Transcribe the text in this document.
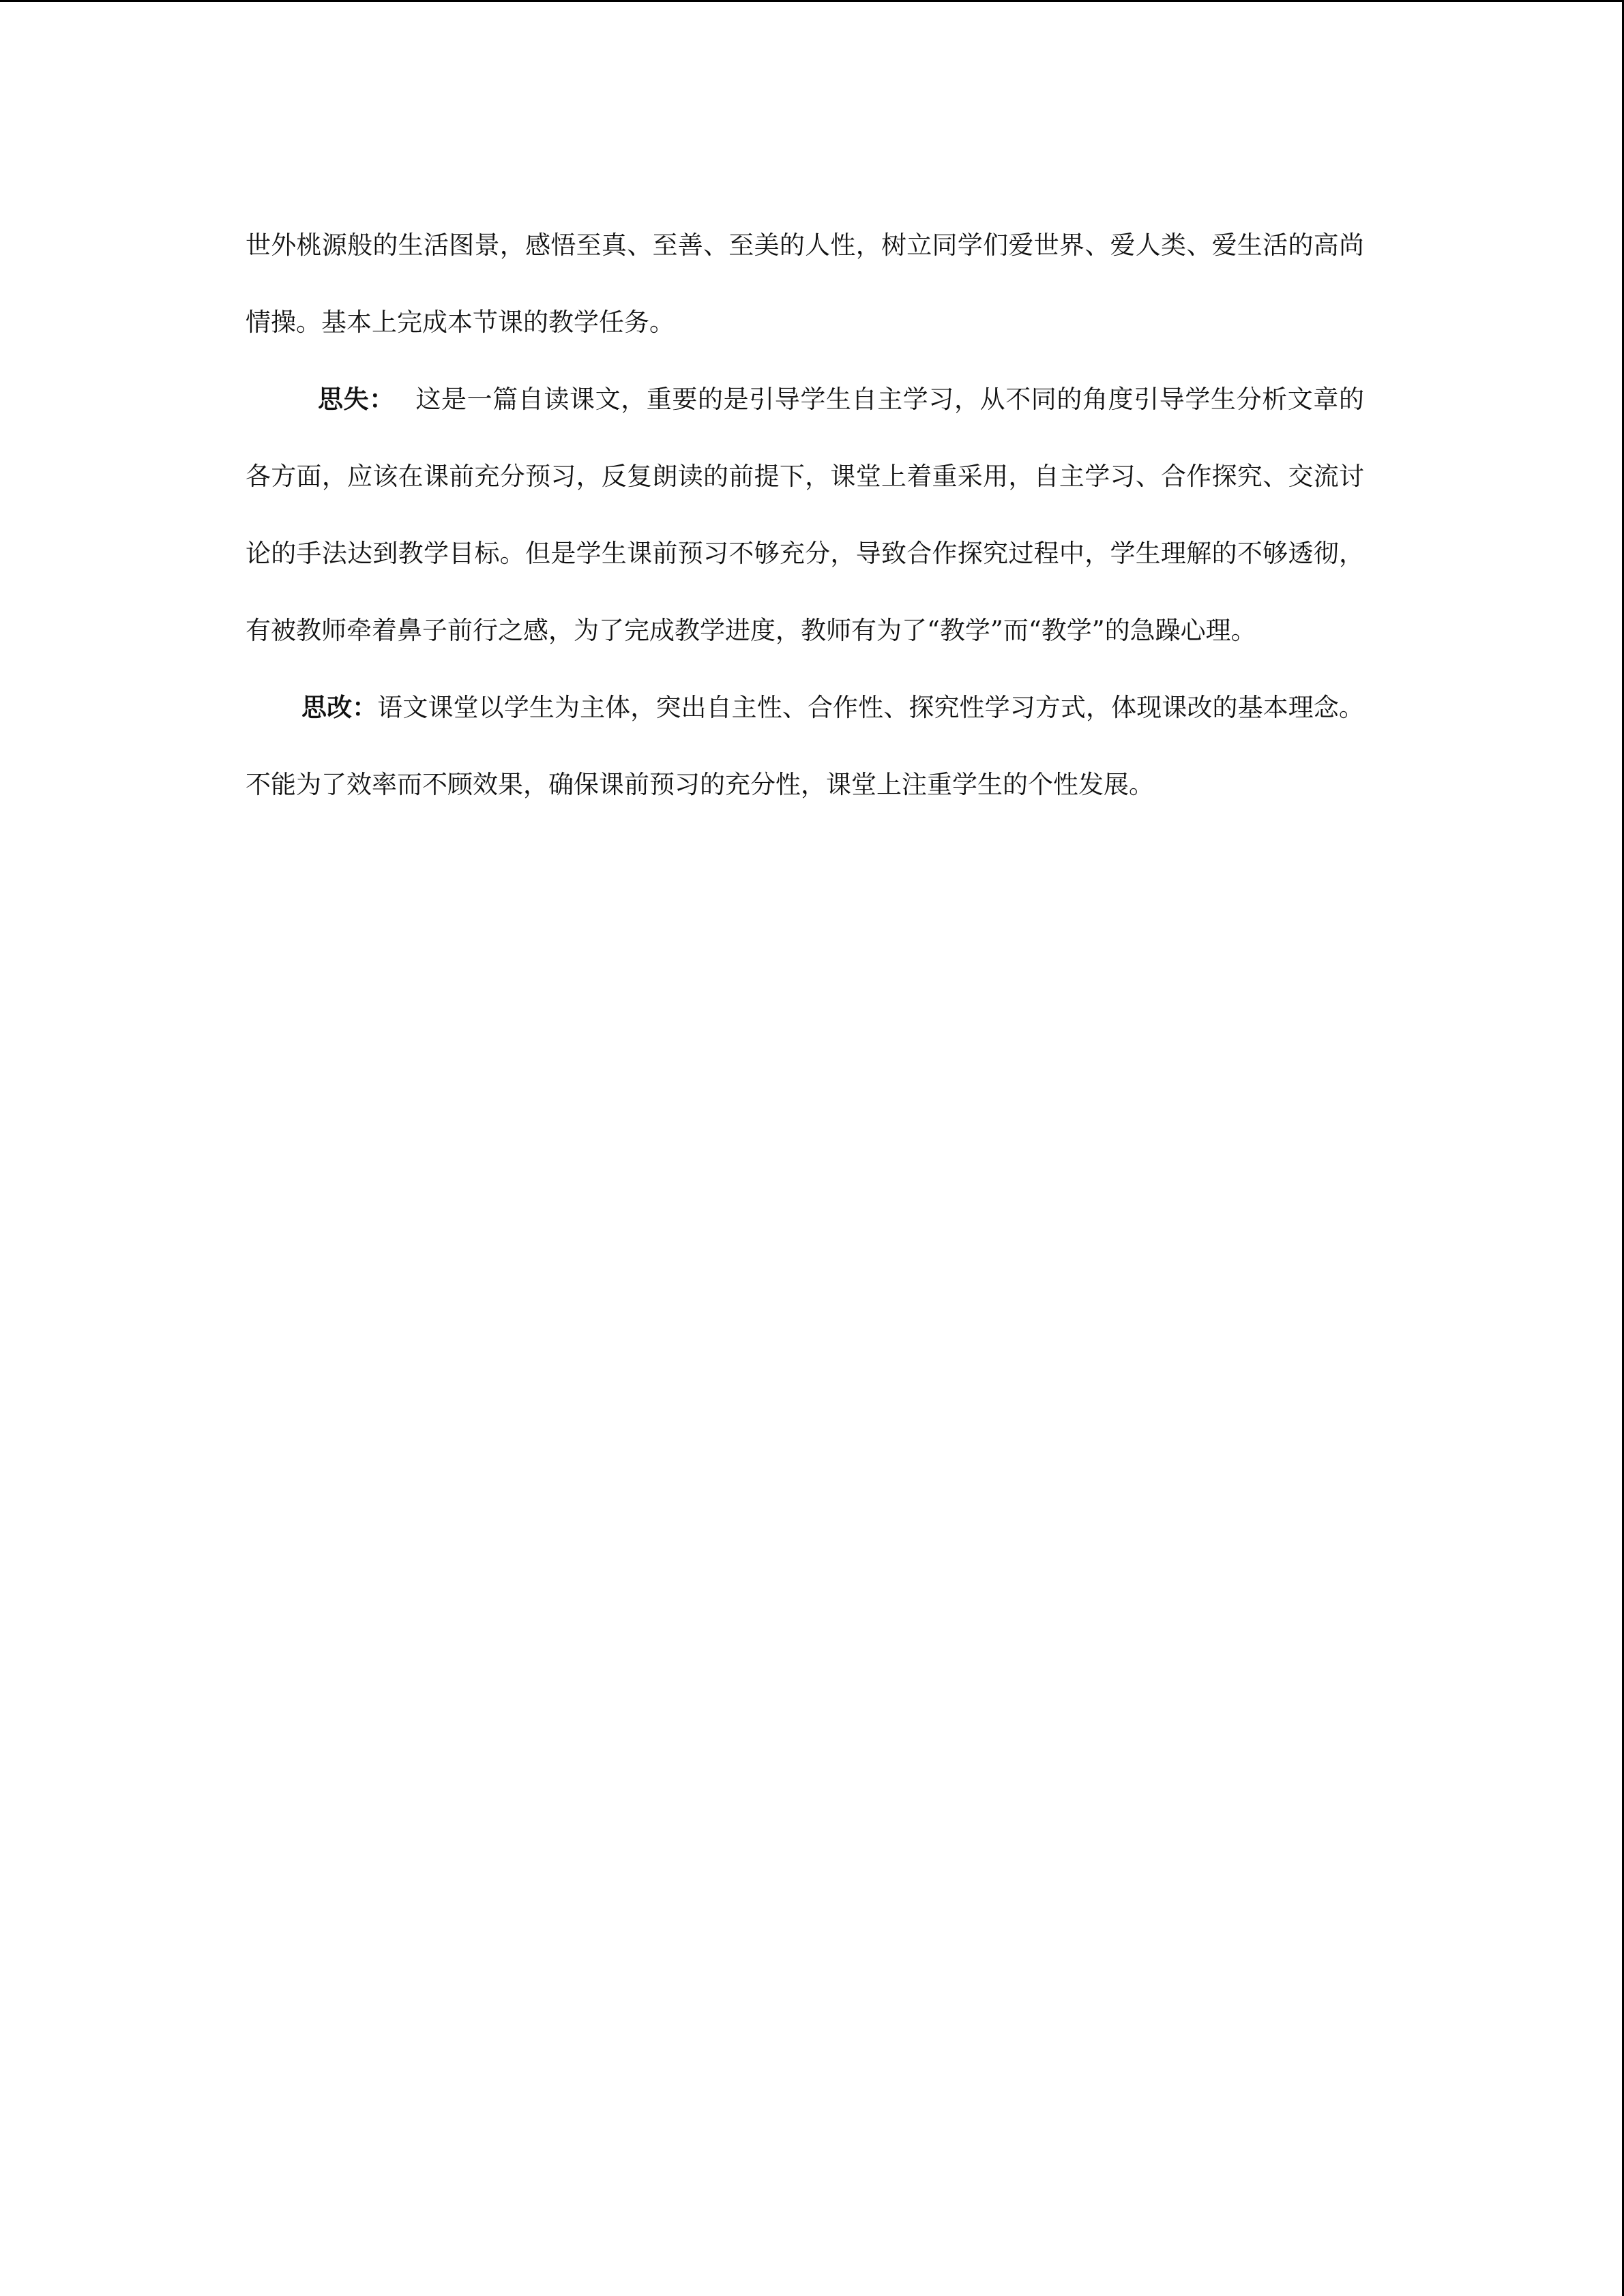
世外桃源般的生活图景，感悟至真、至善、至美的人性，树立同学们爱世界、爱人类、爱生活的高尚情操。基本上完成本节课的教学任务。

思失： 这是一篇自读课文，重要的是引导学生自主学习，从不同的角度引导学生分析文章的各方面，应该在课前充分预习，反复朗读的前提下，课堂上着重采用，自主学习、合作探究、交流讨论的手法达到教学目标。但是学生课前预习不够充分，导致合作探究过程中，学生理解的不够透彻，有被教师牵着鼻子前行之感，为了完成教学进度，教师有为了“教学”而“教学”的急躁心理。

思改：语文课堂以学生为主体，突出自主性、合作性、探究性学习方式，体现课改的基本理念。不能为了效率而不顾效果，确保课前预习的充分性，课堂上注重学生的个性发展。
